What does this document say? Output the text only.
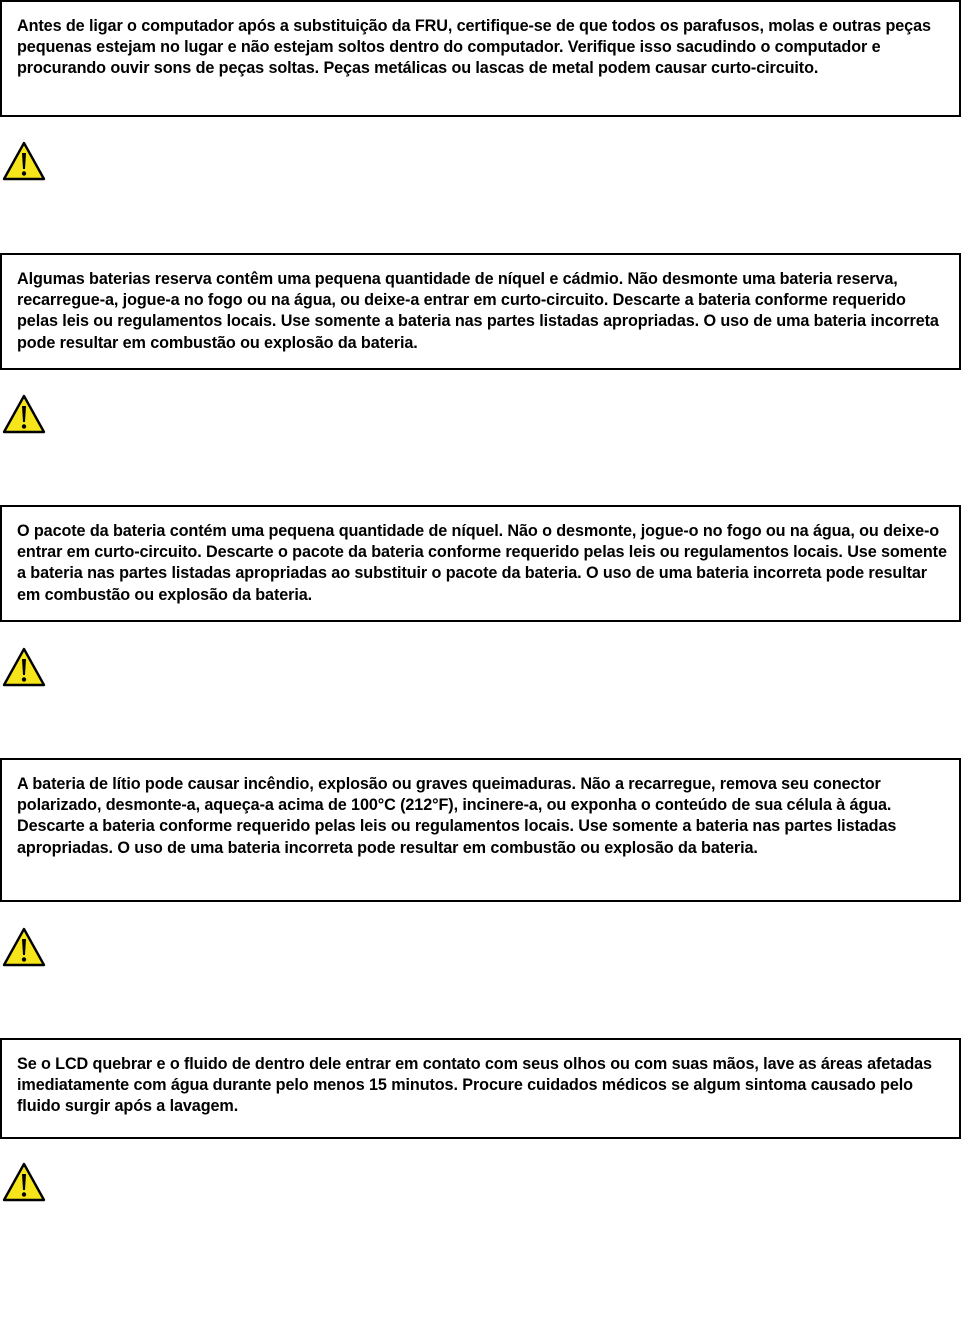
Antes de ligar o computador após a substituição da FRU, certifique-se de que todos os parafusos, molas e outras peças pequenas estejam no lugar e não estejam soltos dentro do computador. Verifique isso sacudindo o computador e procurando ouvir sons de peças soltas. Peças metálicas ou lascas de metal podem causar curto-circuito.
Algumas baterias reserva contêm uma pequena quantidade de níquel e cádmio. Não desmonte uma bateria reserva, recarregue-a, jogue-a no fogo ou na água, ou deixe-a entrar em curto-circuito. Descarte a bateria conforme requerido pelas leis ou regulamentos locais. Use somente a bateria nas partes listadas apropriadas. O uso de uma bateria incorreta pode resultar em combustão ou explosão da bateria.
O pacote da bateria contém uma pequena quantidade de níquel. Não o desmonte, jogue-o no fogo ou na água, ou deixe-o entrar em curto-circuito. Descarte o pacote da bateria conforme requerido pelas leis ou regulamentos locais. Use somente a bateria nas partes listadas apropriadas ao substituir o pacote da bateria. O uso de uma bateria incorreta pode resultar em combustão ou explosão da bateria.
A bateria de lítio pode causar incêndio, explosão ou graves queimaduras. Não a recarregue, remova seu conector polarizado, desmonte-a, aqueça-a acima de 100°C (212°F), incinere-a, ou exponha o conteúdo de sua célula à água. Descarte a bateria conforme requerido pelas leis ou regulamentos locais. Use somente a bateria nas partes listadas apropriadas. O uso de uma bateria incorreta pode resultar em combustão ou explosão da bateria.
Se o LCD quebrar e o fluido de dentro dele entrar em contato com seus olhos ou com suas mãos, lave as áreas afetadas imediatamente com água durante pelo menos 15 minutos. Procure cuidados médicos se algum sintoma causado pelo fluido surgir após a lavagem.
